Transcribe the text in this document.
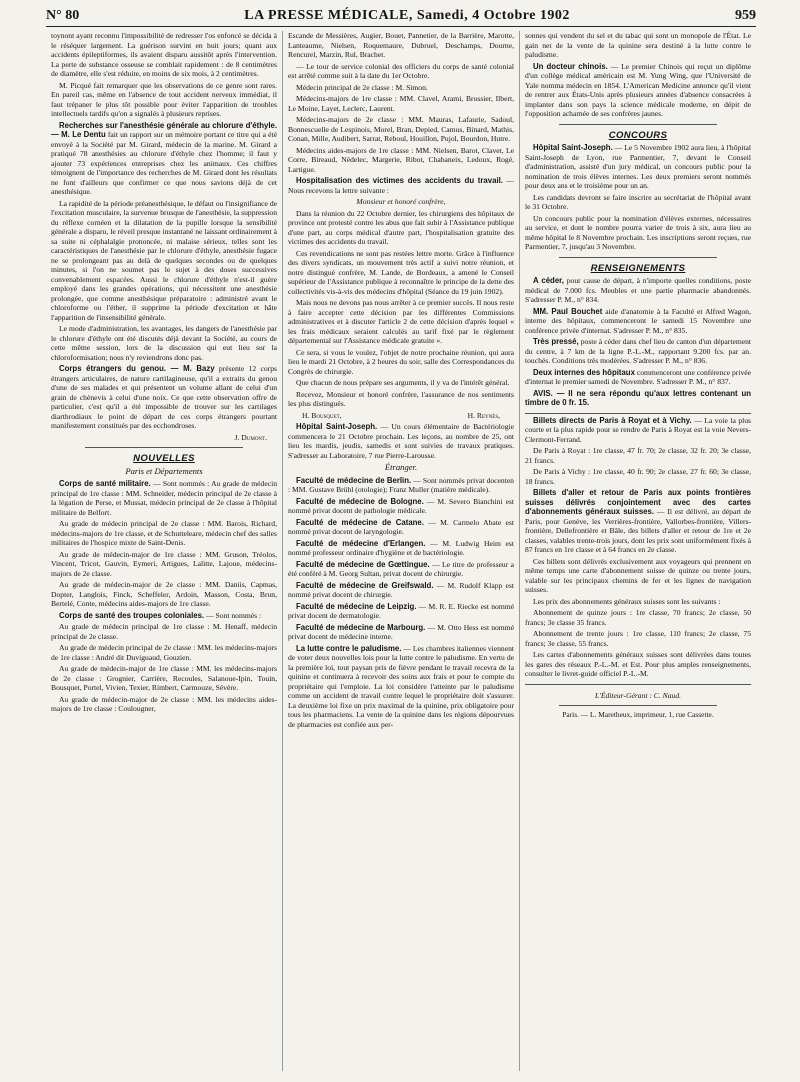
N° 80	LA PRESSE MÉDICALE, Samedi, 4 Octobre 1902	959

toynont ayant reconnu l'impossibilité de redresser l'os enfoncé se décida à le réséquer largement. La guérison survint en huit jours; quant aux accidents épileptiformes, ils avaient disparu aussitôt après l'intervention. La perte de substance osseuse se comblait rapidement : de 8 centimètres de diamètre, elle s'est réduite, en moins de six mois, à 2 centimètres.

M. Picqué fait remarquer que les observations de ce genre sont rares. En pareil cas, même en l'absence de tout accident nerveux immédiat, il faut trépaner le plus tôt possible pour éviter l'apparition de troubles intellectuels tardifs qu'on a signalés à plusieurs reprises.

Recherches sur l'anesthésie générale au chlorure d'éthyle. — M. Le Dentu fait un rapport sur un mémoire portant ce titre qui a été envoyé à la Société par M. Girard, médecin de la marine. M. Girard a pratiqué 78 anesthésies au chlorure d'éthyle chez l'homme; il faut y ajouter 73 expériences entreprises chez les animaux. Ces chiffres témoignent de l'importance des recherches de M. Girard dont les résultats ne font d'ailleurs que confirmer ce que nous savions déjà de cet anesthésique.

La rapidité de la période préanesthésique, le défaut ou l'insignifiance de l'excitation musculaire, la survenue brusque de l'anesthésie, la suppression du réflexe cornéen et la dilatation de la pupille lorsque la sensibilité générale a disparu, le réveil presque instantané ne laissant ordinairement à sa suite ni céphalalgie prononcée, ni malaise sérieux, telles sont les caractéristiques de l'anesthésie par le chlorure d'éthyle, anesthésie fugace ne se prolongeant pas au delà de quelques secondes ou de quelques minutes, si l'on ne soumet pas le sujet à des doses successives convenablement espacées. Aussi le chlorure d'éthyle n'est-il guère employé dans les grandes opérations, qui nécessitent une anesthésie prolongée, que comme anesthésique préparatoire : administré avant le chloroforme ou l'éther, il supprime la période d'excitation et hâte l'apparition de l'insensibilité générale.

Le mode d'administration, les avantages, les dangers de l'anesthésie par le chlorure d'éthyle ont été discutés déjà devant la Société, au cours de cette même session, lors de la discussion qui eut lieu sur la chloroformisation; nous n'y reviendrons donc pas.

Corps étrangers du genou. — M. Bazy présente 12 corps étrangers articulaires, de nature cartilagineuse, qu'il a extraits du genou d'une de ses malades et qui présentent un volume allant de celui d'un grain de chènevis à celui d'une noix. Ce que cette observation offre de particulier, c'est qu'il a été impossible de trouver sur les cartilages diarthrodiaux le point de départ de ces corps étrangers pourtant manifestement constitués par des ecchondroses.

J. Dumont.
NOUVELLES
Paris et Départements

Corps de santé militaire. — Sont nommés : Au grade de médecin principal de 1re classe : MM. Schneider, médecin principal de 2e classe à la légation de Perse, et Mussat, médecin principal de 2e classe à l'hôpital militaire de Belfort.

Au grade de médecin principal de 2e classe : MM. Barois, Richard, médecins-majors de 1re classe, et de Schutteleare, médecin chef des salles militaires de l'hospice mixte de Saint-Denis.

Au grade de médecin-major de 1re classe : MM. Gruson, Tréolos, Vincent, Tricot, Gauvin, Eymeri, Artigues, Lalitte, Lajoue, médecins-majors de 2e classe.

Au grade de médecin-major de 2e classe : MM. Daniis, Capmas, Dopter, Langlois, Finck, Scheffeler, Ardoin, Masson, Costa, Brun, Bertelé, Conte, médecins aides-majors de 1re classe.

Corps de santé des troupes coloniales. — Sont nommés :

Au grade de médecin principal de 1re classe : M. Henaff, médecin principal de 2e classe.

Au grade de médecin principal de 2e classe : MM. les médecins-majors de 1re classe : André dit Duviguaud, Gouzien.

Au grade de médecin-major de 1re classe : MM. les médecins-majors de 2e classe : Grognier, Carrière, Recoules, Salanoue-Ipin, Touin, Bousquet, Portel, Vivien, Texier, Rimbert, Carmouze, Sévère.

Au grade de médecin-major de 2e classe : MM. les médecins aides-majors de 1re classe : Coulougner,

Escande de Messières, Augier, Bouet, Pannetier, de la Barrière, Marotte, Lanteaume, Nielsen, Roquemaure, Dubruel, Deschamps, Dourne, Rencurel, Marzin, Rul, Brachet.

— Le tour de service colonial des officiers du corps de santé colonial est arrêté comme suit à la date du 1er Octobre.

Médecin principal de 2e classe : M. Simon.

Médecins-majors de 1re classe : MM. Clavel, Arami, Brossier, Ilbert, Le Moine, Layet, Leclerc, Laurent.

Médecins-majors de 2e classe : MM. Mauras, Lafaurie, Sadoul, Bonnescuelle de Lespinois, Morel, Bran, Depied, Camus, Binard, Mathis, Conan, Mille, Audibert, Sarrat, Reboul, Houillon, Pujol, Bourdon, Hutre.

Médecins aides-majors de 1re classe : MM. Nielsen, Barot, Clavet, Le Corre, Bireaud, Nédelec, Margerie, Ribot, Chabaneix, Ledoux, Rogé, Lartigue.

Hospitalisation des victimes des accidents du travail. — Nous recevons la lettre suivante :

Monsieur et honoré confrère,

Dans la réunion du 22 Octobre dernier, les chirurgiens des hôpitaux de province ont protesté contre les abus que fait subir à l'Assistance publique d'une part, au corps médical d'autre part, l'hospitalisation gratuite des victimes des accidents du travail.

Ces revendications ne sont pas restées lettre morte. Grâce à l'influence des divers syndicats, un mouvement très actif a suivi notre réunion, et notre distingué confrère, M. Lande, de Bordeaux, a amené le Conseil supérieur de l'Assistance publique à reconnaître le principe de la dette des collectivités vis-à-vis des médecins d'hôpital (Séance du 19 juin 1902).

Mais nous ne devons pas nous arrêter à ce premier succès. Il nous reste à faire accepter cette décision par les différentes Commissions administratives et à discuter l'article 2 de cette décision d'après lequel « les frais médicaux seraient calculés au tarif fixé par le règlement départemental sur l'Assistance médicale gratuite ».

Ce sera, si vous le voulez, l'objet de notre prochaine réunion, qui aura lieu le mardi 21 Octobre, à 2 heures du soir, salle des Correspondances du Congrès de chirurgie.

Que chacun de nous prépare ses arguments, il y va de l'intérêt général.

Recevez, Monsieur et honoré confrère, l'assurance de nos sentiments les plus distingués.

H. Bousquet,	H. Reynès,

Hôpital Saint-Joseph. — Un cours élémentaire de Bactériologie commencera le 21 Octobre prochain. Les leçons, au nombre de 25, ont lieu les mardis, jeudis, samedis et sont suivies de travaux pratiques. S'adresser au Laboratoire, 7 rue Pierre-Larousse.

Étranger.

Faculté de médecine de Berlin. — Sont nommés privat docenten : MM. Gustave Brühl (otologie); Franz Muller (matière médicale).

Faculté de médecine de Bologne. — M. Severo Bianchini est nommé privat docent de pathologie médicale.

Faculté de médecine de Catane. — M. Carmelo Abate est nommé privat docent de laryngologie.

Faculté de médecine d'Erlangen. — M. Ludwig Heim est nommé professeur ordinaire d'hygiène et de bactériologie.

Faculté de médecine de Gœttingue. — Le titre de professeur a été conféré à M. Georg Sultan, privat docent de chirurgie.

Faculté de médecine de Greifswald. — M. Rudolf Klapp est nommé privat docent de chirurgie.

Faculté de médecine de Leipzig. — M. R. E. Riecke est nommé privat docent de dermatologie.

Faculté de médecine de Marbourg. — M. Otto Hess est nommé privat docent de médecine interne.

La lutte contre le paludisme. — Les chambres italiennes viennent de voter deux nouvelles lois pour la lutte contre le paludisme. En vertu de la première loi, tout paysan pris de fièvre pendant le travail recevra de la quinine et continuera à recevoir des soins aux frais et pour le compte du propriétaire qui l'emploie. La loi considère l'atteinte par le paludisme comme un accident de travail contre lequel le propriétaire doit s'assurer. La deuxième loi fixe un prix maximal de la quinine, prix obligatoire pour tous les pharmaciens. La vente de la quinine dans les régions dépourvues de pharmacies est confiée aux per-

sonnes qui vendent du sel et du tabac qui sont un monopole de l'État. Le gain net de la vente de la quinine sera destiné à la lutte contre le paludisme.

Un docteur chinois. — Le premier Chinois qui reçut un diplôme d'un collège médical américain est M. Yung Wing, que l'Université de Yale nomma médecin en 1854. L'American Medicine annonce qu'il vient de rentrer aux États-Unis après plusieurs années d'absence consacrées à implanter dans son pays la science médicale moderne, en dépit de l'opposition acharnée de ses confrères jaunes.

CONCOURS

Hôpital Saint-Joseph. — Le 5 Novembre 1902 aura lieu, à l'hôpital Saint-Joseph de Lyon, rue Parmentier, 7, devant le Conseil d'administration, assisté d'un jury médical, un concours public pour la nomination de trois élèves internes. Les deux premiers seront nommés pour deux ans et le troisième pour un an.

Les candidats devront se faire inscrire au secrétariat de l'hôpital avant le 31 Octobre.

Un concours public pour la nomination d'élèves externes, nécessaires au service, et dont le nombre pourra varier de trois à six, aura lieu au même hôpital le 8 Novembre prochain. Les inscriptions seront reçues, rue Parmentier, 7, jusqu'au 3 Novembre.

RENSEIGNEMENTS

A céder, pour cause de départ, à n'importe quelles conditions, poste médical de 7.000 fcs. Meubles et une partie pharmacie abandonnés. S'adresser P. M., n° 834.

MM. Paul Bouchet aide d'anatomie à la Faculté et Alfred Wagon, interne des hôpitaux, commenceront le samedi 15 Novembre une conférence privée d'internat. S'adresser P. M., n° 835.

Très pressé, poste à céder dans chef lieu de canton d'un département du centre, à 7 km de la ligne P.-L.-M., rapportant 9.200 fcs. par an. touchés. Conditions très modérées. S'adresser P. M., n° 836.

Deux internes des hôpitaux commenceront une conférence privée d'internat le premier samedi de Novembre. S'adresser P. M., n° 837.

AVIS. — Il ne sera répondu qu'aux lettres contenant un timbre de 0 fr. 15.

Billets directs de Paris à Royat et à Vichy. — La voie la plus courte et la plus rapide pour se rendre de Paris à Royat est la voie Nevers-Clermont-Ferrand.

De Paris à Royat : 1re classe, 47 fr. 70; 2e classe, 32 fr. 20; 3e classe, 21 francs.

De Paris à Vichy : 1re classe, 40 fr. 90; 2e classe, 27 fr. 60; 3e classe, 18 francs.

Billets d'aller et retour de Paris aux points frontières suisses délivrés conjointement avec des cartes d'abonnements généraux suisses. — Il est délivré, au départ de Paris, pour Genève, les Verrières-frontière, Vallorbes-frontière, Villers-frontière, Dellefrontière et Bâle, des billets d'aller et retour de 1re et 2e classes, valables trente-trois jours, dont les prix sont uniformément fixés à 87 francs en 1re classe et à 64 francs en 2e classe.

Ces billets sont délivrés exclusivement aux voyageurs qui prennent en même temps une carte d'abonnement suisse de quinze ou trente jours, valable sur les principaux chemins de fer et les lignes de navigation suisses.

Les prix des abonnements généraux suisses sont les suivants :

Abonnement de quinze jours : 1re classe, 70 francs; 2e classe, 50 francs; 3e classe 35 francs.

Abonnement de trente jours : 1re classe, 110 francs; 2e classe, 75 francs; 3e classe, 55 francs.

Les cartes d'abonnements généraux suisses sont délivrées dans toutes les gares des réseaux P.-L.-M. et Est. Pour plus amples renseignements, consulter le livret-guide officiel P.-L.-M.

L'Éditeur-Gérant : C. Naud.
Paris. — L. Maretheux, imprimeur, 1, rue Cassette.
